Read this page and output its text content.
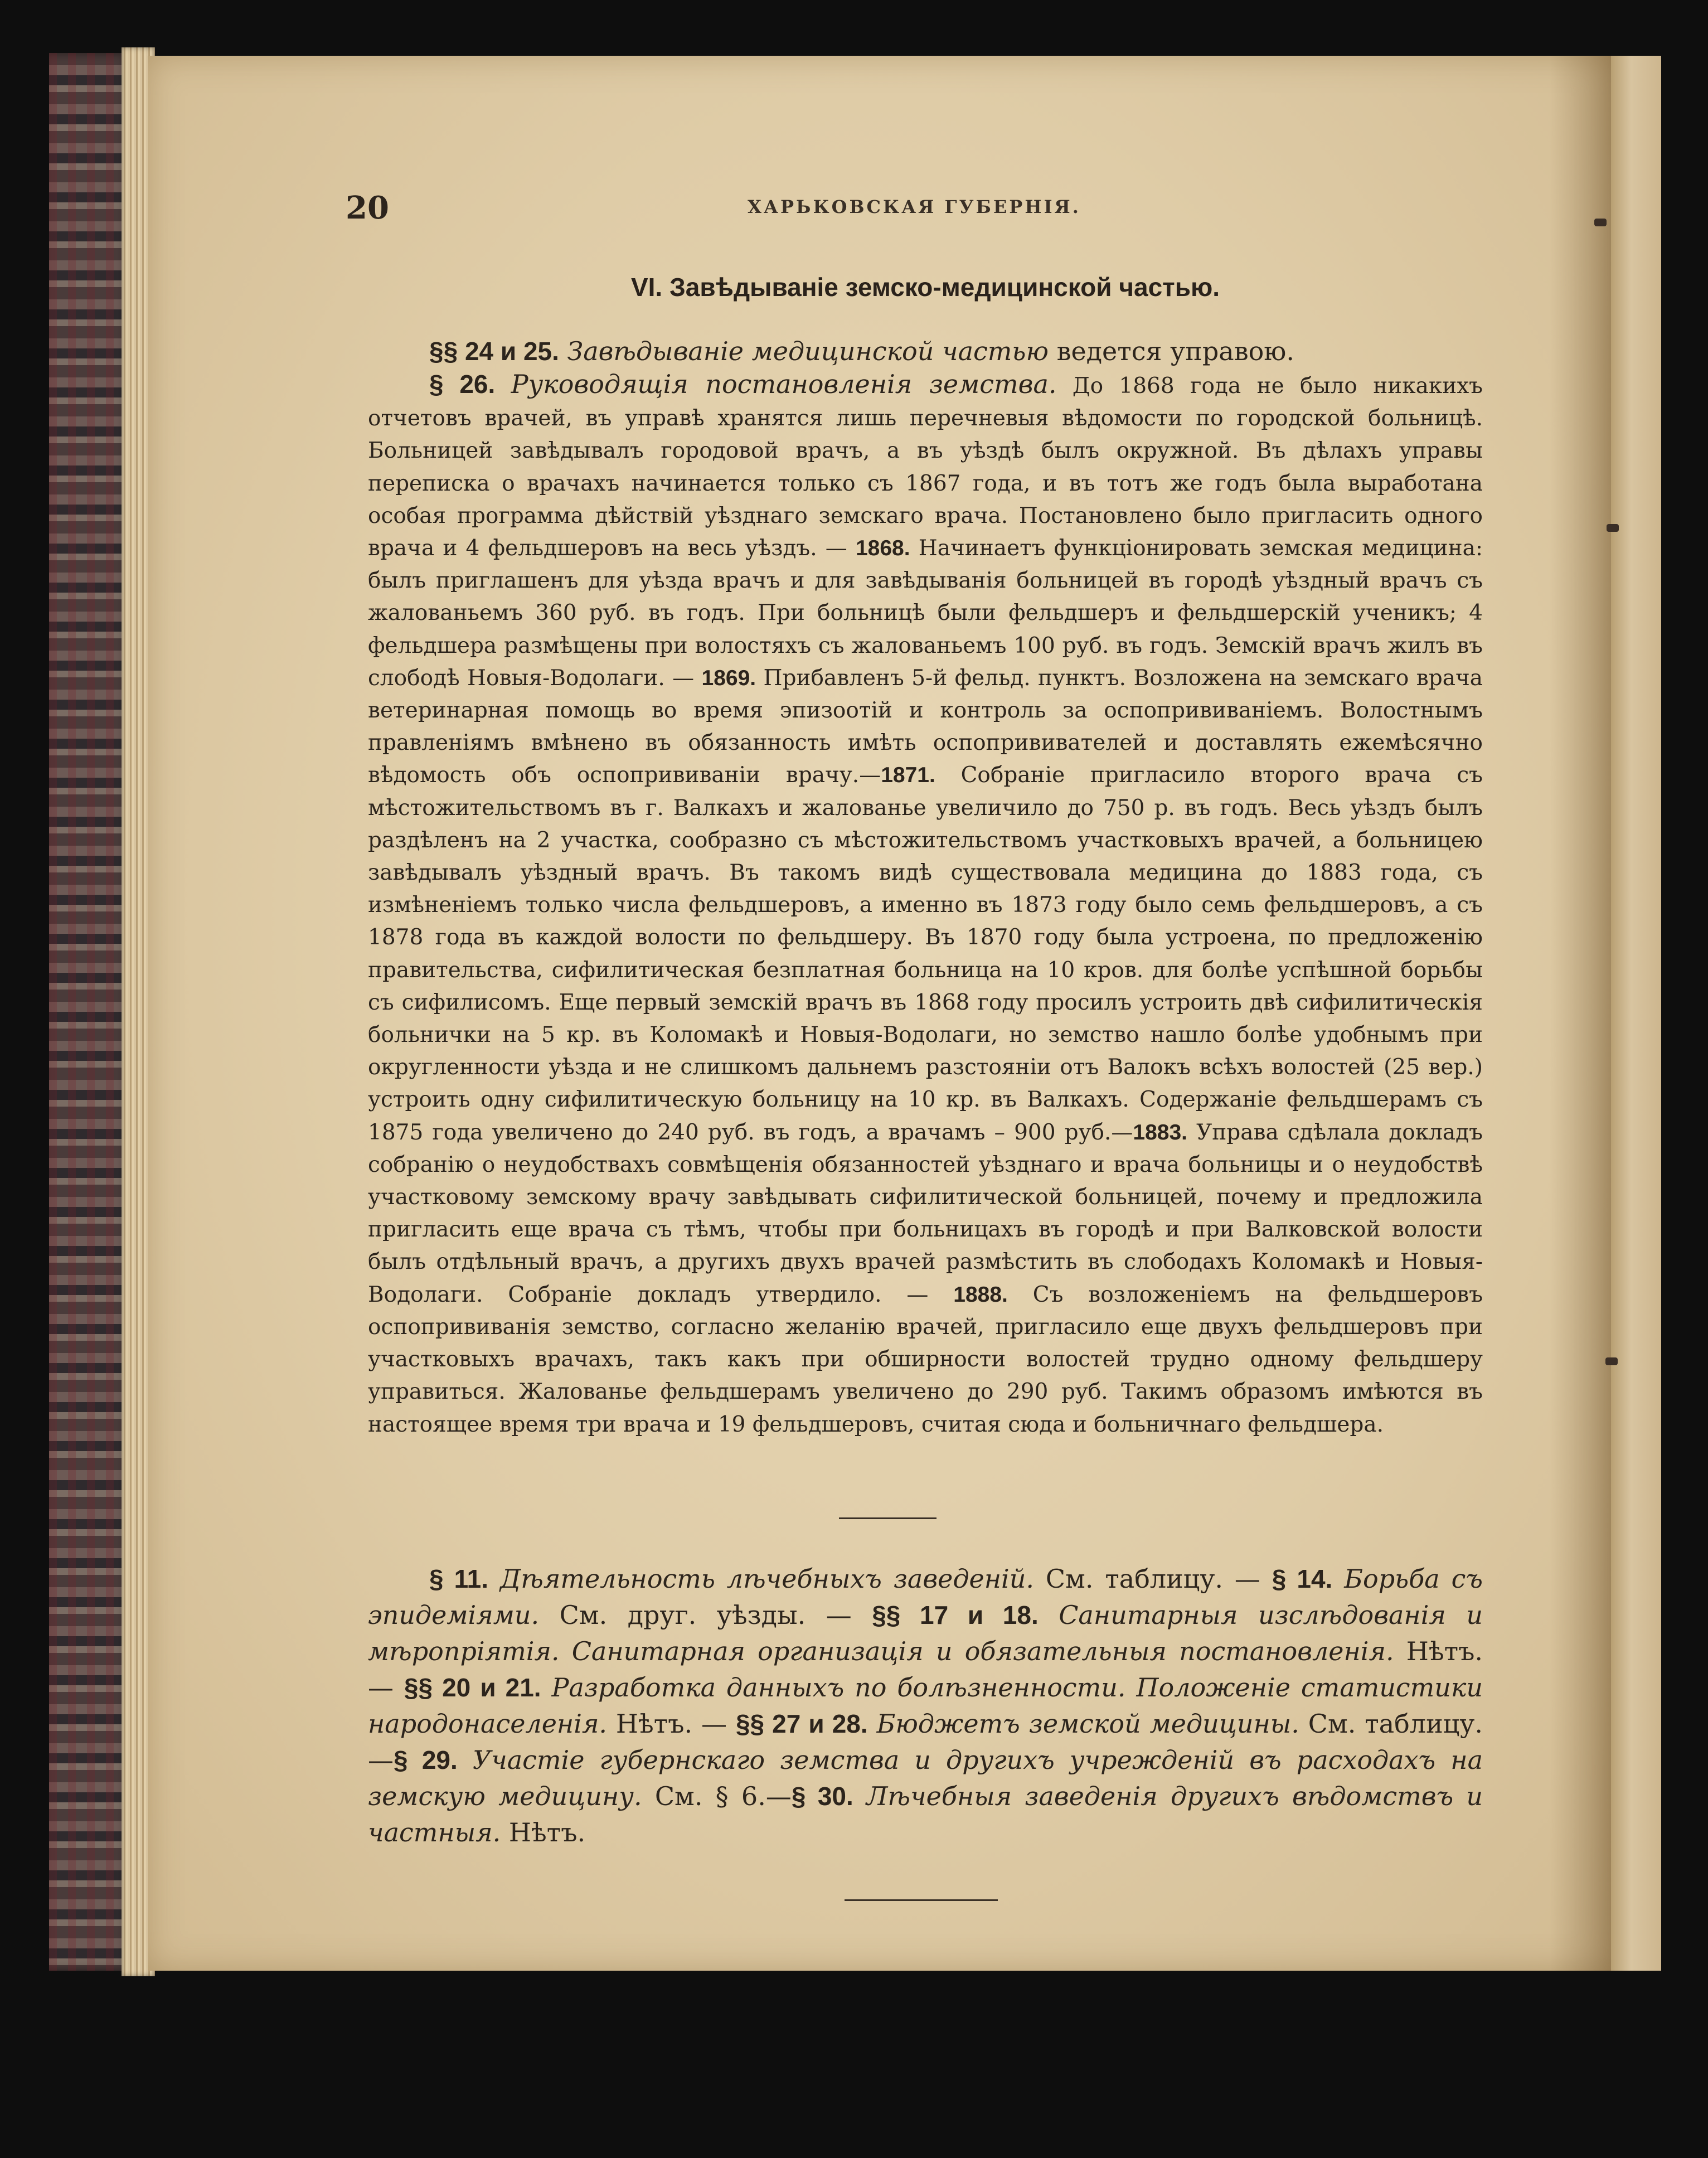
20	ХАРЬКОВСКАЯ ГУБЕРНІЯ.
VI. Завѣдываніе земско-медицинской частью.

§§ 24 и 25. Завѣдываніе медицинской частью ведется управою.

§ 26. Руководящія постановленія земства. До 1868 года не было никакихъ отчетовъ врачей, въ управѣ хранятся лишь перечневыя вѣдомости по городской больницѣ. Больницей завѣдывалъ городовой врачъ, а въ уѣздѣ былъ окружной. Въ дѣлахъ управы переписка о врачахъ начинается только съ 1867 года, и въ тотъ же годъ была выработана особая программа дѣйствій уѣзднаго земскаго врача. Постановлено было пригласить одного врача и 4 фельдшеровъ на весь уѣздъ. — 1868. Начинаетъ функціонировать земская медицина: былъ приглашенъ для уѣзда врачъ и для завѣдыванія больницей въ городѣ уѣздный врачъ съ жалованьемъ 360 руб. въ годъ. При больницѣ были фельдшеръ и фельдшерскій ученикъ; 4 фельдшера размѣщены при волостяхъ съ жалованьемъ 100 руб. въ годъ. Земскій врачъ жилъ въ слободѣ Новыя-Водолаги. — 1869. Прибавленъ 5-й фельд. пунктъ. Возложена на земскаго врача ветеринарная помощь во время эпизоотій и контроль за оспопрививаніемъ. Волостнымъ правленіямъ вмѣнено въ обязанность имѣть оспопрививателей и доставлять ежемѣсячно вѣдомость объ оспопрививаніи врачу.—1871. Собраніе пригласило второго врача съ мѣстожительствомъ въ г. Валкахъ и жалованье увеличило до 750 р. въ годъ. Весь уѣздъ былъ раздѣленъ на 2 участка, сообразно съ мѣстожительствомъ участковыхъ врачей, а больницею завѣдывалъ уѣздный врачъ. Въ такомъ видѣ существовала медицина до 1883 года, съ измѣненіемъ только числа фельдшеровъ, а именно въ 1873 году было семь фельдшеровъ, а съ 1878 года въ каждой волости по фельдшеру. Въ 1870 году была устроена, по предложенію правительства, сифилитическая безплатная больница на 10 кров. для болѣе успѣшной борьбы съ сифилисомъ. Еще первый земскій врачъ въ 1868 году просилъ устроить двѣ сифилитическія больнички на 5 кр. въ Коломакѣ и Новыя-Водолаги, но земство нашло болѣе удобнымъ при округленности уѣзда и не слишкомъ дальнемъ разстояніи отъ Валокъ всѣхъ волостей (25 вер.) устроить одну сифилитическую больницу на 10 кр. въ Валкахъ. Содержаніе фельдшерамъ съ 1875 года увеличено до 240 руб. въ годъ, а врачамъ – 900 руб.—1883. Управа сдѣлала докладъ собранію о неудобствахъ совмѣщенія обязанностей уѣзднаго и врача больницы и о неудобствѣ участковому земскому врачу завѣдывать сифилитической больницей, почему и предложила пригласить еще врача съ тѣмъ, чтобы при больницахъ въ городѣ и при Валковской волости былъ отдѣльный врачъ, а другихъ двухъ врачей размѣстить въ слободахъ Коломакѣ и Новыя-Водолаги. Собраніе докладъ утвердило. — 1888. Съ возложеніемъ на фельдшеровъ оспопрививанія земство, согласно желанію врачей, пригласило еще двухъ фельдшеровъ при участковыхъ врачахъ, такъ какъ при обширности волостей трудно одному фельдшеру управиться. Жалованье фельдшерамъ увеличено до 290 руб. Такимъ образомъ имѣются въ настоящее время три врача и 19 фельдшеровъ, считая сюда и больничнаго фельдшера.

§ 11. Дѣятельность лѣчебныхъ заведеній. См. таблицу. — § 14. Борьба съ эпидеміями. См. друг. уѣзды. — §§ 17 и 18. Санитарныя изслѣдованія и мѣропріятія. Санитарная организація и обязательныя постановленія. Нѣтъ. — §§ 20 и 21. Разработка данныхъ по болѣзненности. Положеніе статистики народонаселенія. Нѣтъ. — §§ 27 и 28. Бюджетъ земской медицины. См. таблицу.—§ 29. Участіе губернскаго земства и другихъ учрежденій въ расходахъ на земскую медицину. См. § 6.—§ 30. Лѣчебныя заведенія другихъ вѣдомствъ и частныя. Нѣтъ.
